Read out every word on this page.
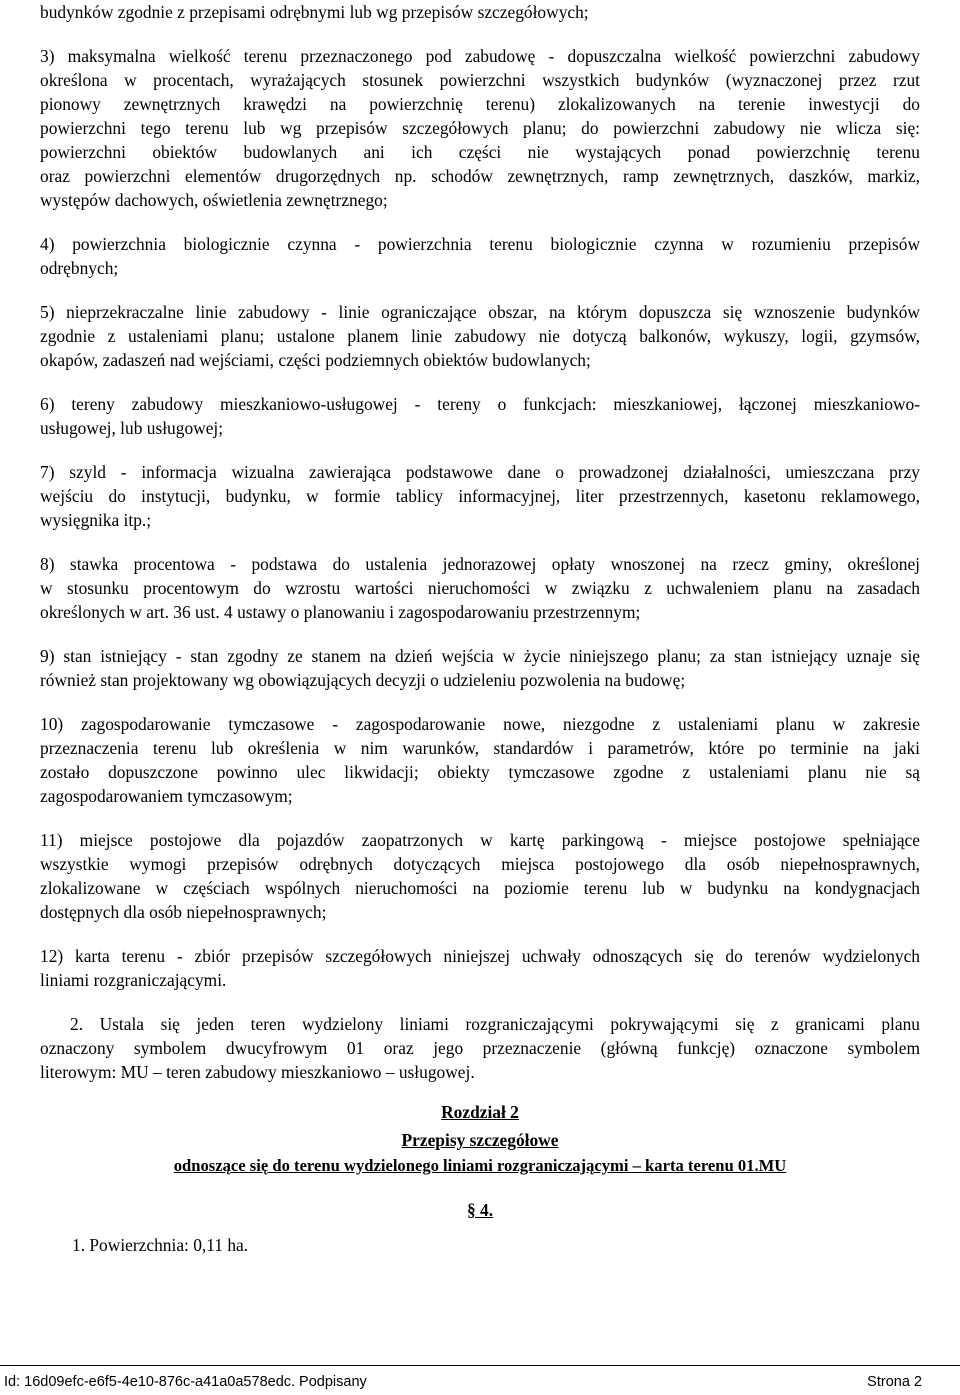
budynków zgodnie z przepisami odrębnymi lub wg przepisów szczegółowych;
3) maksymalna wielkość terenu przeznaczonego pod zabudowę - dopuszczalna wielkość powierzchni zabudowy
określona w procentach, wyrażających stosunek powierzchni wszystkich budynków (wyznaczonej przez rzut
pionowy zewnętrznych krawędzi na powierzchnię terenu) zlokalizowanych na terenie inwestycji do
powierzchni tego terenu lub wg przepisów szczegółowych planu; do powierzchni zabudowy nie wlicza się:
powierzchni obiektów budowlanych ani ich części nie wystających ponad powierzchnię terenu
oraz powierzchni elementów drugorzędnych np. schodów zewnętrznych, ramp zewnętrznych, daszków, markiz,
występów dachowych, oświetlenia zewnętrznego;
4) powierzchnia biologicznie czynna - powierzchnia terenu biologicznie czynna w rozumieniu przepisów
odrębnych;
5) nieprzekraczalne linie zabudowy - linie ograniczające obszar, na którym dopuszcza się wznoszenie budynków
zgodnie z ustaleniami planu; ustalone planem linie zabudowy nie dotyczą balkonów, wykuszy, logii, gzymsów,
okapów, zadaszeń nad wejściami, części podziemnych obiektów budowlanych;
6) tereny zabudowy mieszkaniowo-usługowej - tereny o funkcjach: mieszkaniowej, łączonej mieszkaniowo-
usługowej, lub usługowej;
7) szyld - informacja wizualna zawierająca podstawowe dane o prowadzonej działalności, umieszczana przy
wejściu do instytucji, budynku, w formie tablicy informacyjnej, liter przestrzennych, kasetonu reklamowego,
wysięgnika itp.;
8) stawka procentowa - podstawa do ustalenia jednorazowej opłaty wnoszonej na rzecz gminy, określonej
w stosunku procentowym do wzrostu wartości nieruchomości w związku z uchwaleniem planu na zasadach
określonych w art. 36 ust. 4 ustawy o planowaniu i zagospodarowaniu przestrzennym;
9) stan istniejący - stan zgodny ze stanem na dzień wejścia w życie niniejszego planu; za stan istniejący uznaje się
również stan projektowany wg obowiązujących decyzji o udzieleniu pozwolenia na budowę;
10) zagospodarowanie tymczasowe - zagospodarowanie nowe, niezgodne z ustaleniami planu w zakresie
przeznaczenia terenu lub określenia w nim warunków, standardów i parametrów, które po terminie na jaki
zostało dopuszczone powinno ulec likwidacji; obiekty tymczasowe zgodne z ustaleniami planu nie są
zagospodarowaniem tymczasowym;
11) miejsce postojowe dla pojazdów zaopatrzonych w kartę parkingową - miejsce postojowe spełniające
wszystkie wymogi przepisów odrębnych dotyczących miejsca postojowego dla osób niepełnosprawnych,
zlokalizowane w częściach wspólnych nieruchomości na poziomie terenu lub w budynku na kondygnacjach
dostępnych dla osób niepełnosprawnych;
12) karta terenu - zbiór przepisów szczegółowych niniejszej uchwały odnoszących się do terenów wydzielonych
liniami rozgraniczającymi.
2. Ustala się jeden teren wydzielony liniami rozgraniczającymi pokrywającymi się z granicami planu
oznaczony symbolem dwucyfrowym 01 oraz jego przeznaczenie (główną funkcję) oznaczone symbolem
literowym: MU – teren zabudowy mieszkaniowo – usługowej.
Rozdział 2
Przepisy szczegółowe
odnoszące się do terenu wydzielonego liniami rozgraniczającymi – karta terenu 01.MU
§ 4.
1. Powierzchnia: 0,11 ha.
Id: 16d09efc-e6f5-4e10-876c-a41a0a578edc. Podpisany	Strona 2
